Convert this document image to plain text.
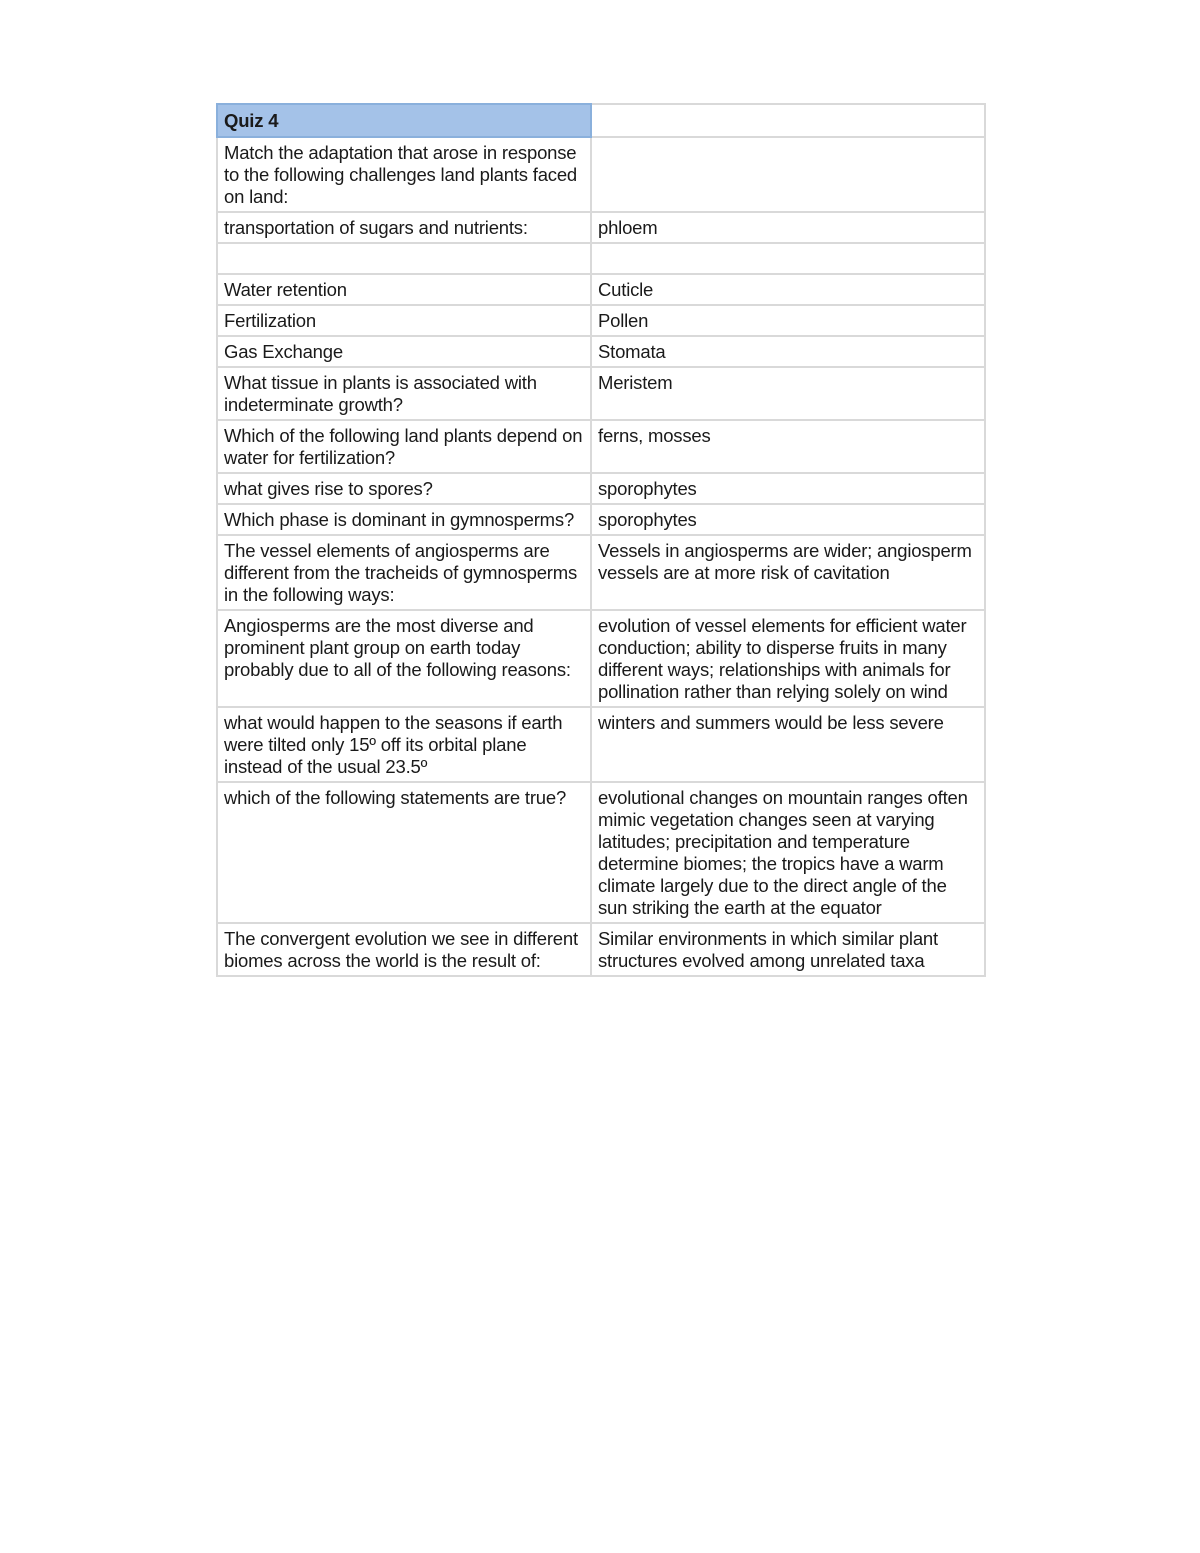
Quiz 4	
Match the adaptation that arose in response to the following challenges land plants faced on land:	
transportation of sugars and nutrients:	phloem

Water retention	Cuticle
Fertilization	Pollen
Gas Exchange	Stomata
What tissue in plants is associated with indeterminate growth?	Meristem
Which of the following land plants depend on water for fertilization?	ferns, mosses
what gives rise to spores?	sporophytes
Which phase is dominant in gymnosperms?	sporophytes
The vessel elements of angiosperms are different from the tracheids of gymnosperms in the following ways:	Vessels in angiosperms are wider; angiosperm vessels are at more risk of cavitation
Angiosperms are the most diverse and prominent plant group on earth today probably due to all of the following reasons:	evolution of vessel elements for efficient water conduction; ability to disperse fruits in many different ways; relationships with animals for pollination rather than relying solely on wind
what would happen to the seasons if earth were tilted only 15º off its orbital plane instead of the usual 23.5º	winters and summers would be less severe
which of the following statements are true?	evolutional changes on mountain ranges often mimic vegetation changes seen at varying latitudes; precipitation and temperature determine biomes; the tropics have a warm climate largely due to the direct angle of the sun striking the earth at the equator
The convergent evolution we see in different biomes across the world is the result of:	Similar environments in which similar plant structures evolved among unrelated taxa
